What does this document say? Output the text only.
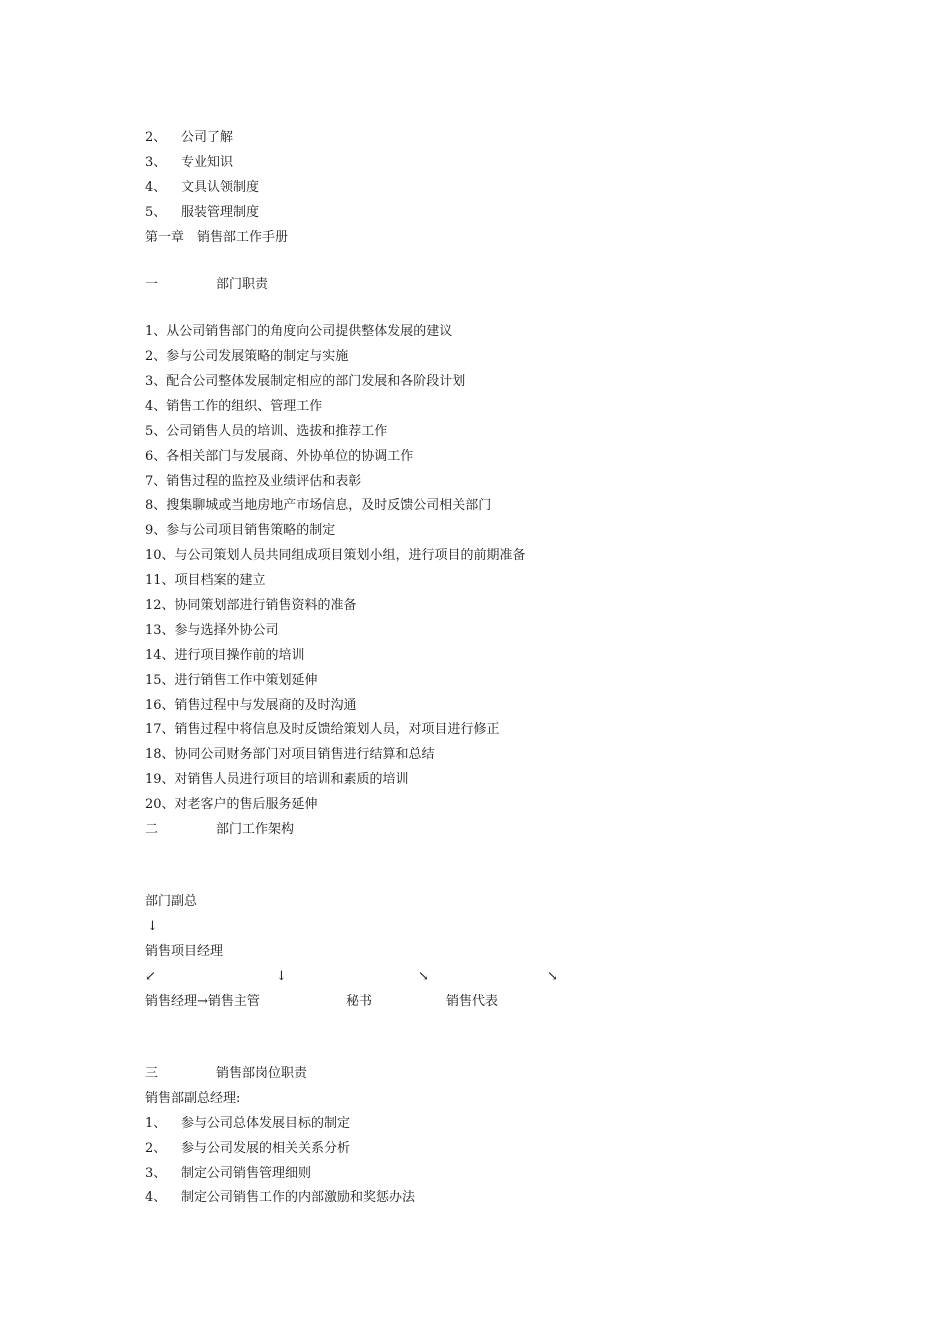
2、 公司了解
3、 专业知识
4、 文具认领制度
5、 服装管理制度
第一章　销售部工作手册
一	部门职责
1、从公司销售部门的角度向公司提供整体发展的建议
2、参与公司发展策略的制定与实施
3、配合公司整体发展制定相应的部门发展和各阶段计划
4、销售工作的组织、管理工作
5、公司销售人员的培训、选拔和推荐工作
6、各相关部门与发展商、外协单位的协调工作
7、销售过程的监控及业绩评估和表彰
8、搜集聊城或当地房地产市场信息，及时反馈公司相关部门
9、参与公司项目销售策略的制定
10、与公司策划人员共同组成项目策划小组，进行项目的前期准备
11、项目档案的建立
12、协同策划部进行销售资料的准备
13、参与选择外协公司
14、进行项目操作前的培训
15、进行销售工作中策划延伸
16、销售过程中与发展商的及时沟通
17、销售过程中将信息及时反馈给策划人员，对项目进行修正
18、协同公司财务部门对项目销售进行结算和总结
19、对销售人员进行项目的培训和素质的培训
20、对老客户的售后服务延伸
二	部门工作架构
部门副总
↓
销售项目经理
↙	↓	↘	↘
销售经理→销售主管	秘书	销售代表
三	销售部岗位职责
销售部副总经理:
1、 参与公司总体发展目标的制定
2、 参与公司发展的相关关系分析
3、 制定公司销售管理细则
4、 制定公司销售工作的内部激励和奖惩办法
